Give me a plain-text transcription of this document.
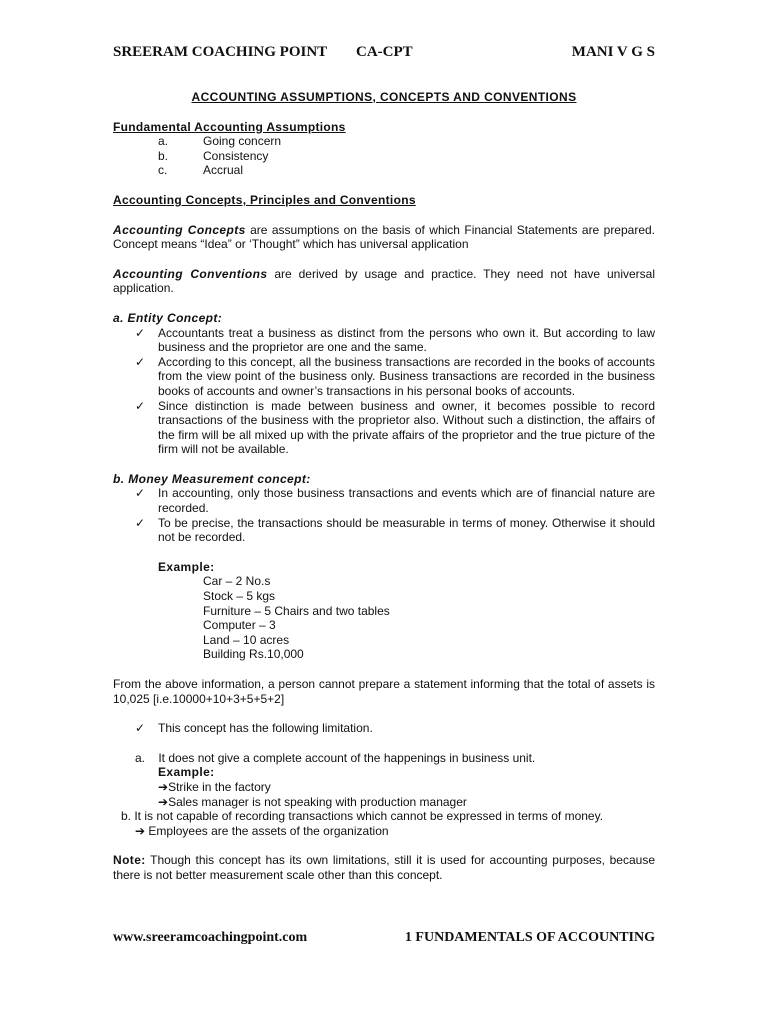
SREERAM COACHING POINT CA-CPT	MANI V G S

ACCOUNTING ASSUMPTIONS, CONCEPTS AND CONVENTIONS

Fundamental Accounting Assumptions

a.	Going concern
b.	Consistency
c.	Accrual

Accounting Concepts, Principles and Conventions

Accounting Concepts are assumptions on the basis of which Financial Statements are prepared. Concept means “Idea” or ‘Thought” which has universal application

Accounting Conventions are derived by usage and practice. They need not have universal application.

a. Entity Concept:

✓ Accountants treat a business as distinct from the persons who own it. But according to law business and the proprietor are one and the same.
✓ According to this concept, all the business transactions are recorded in the books of accounts from the view point of the business only. Business transactions are recorded in the business books of accounts and owner’s transactions in his personal books of accounts.
✓ Since distinction is made between business and owner, it becomes possible to record transactions of the business with the proprietor also. Without such a distinction, the affairs of the firm will be all mixed up with the private affairs of the proprietor and the true picture of the firm will not be available.

b. Money Measurement concept:

✓ In accounting, only those business transactions and events which are of financial nature are recorded.
✓ To be precise, the transactions should be measurable in terms of money. Otherwise it should not be recorded.

Example:

Car – 2 No.s

Stock – 5 kgs

Furniture – 5 Chairs and two tables

Computer – 3

Land – 10 acres

Building Rs.10,000

From the above information, a person cannot prepare a statement informing that the total of assets is 10,025 [i.e.10000+10+3+5+5+2]

✓ This concept has the following limitation.

a.    It does not give a complete account of the happenings in business unit.

Example:

➔Strike in the factory

➔Sales manager is not speaking with production manager

b. It is not capable of recording transactions which cannot be expressed in terms of money.

➔ Employees are the assets of the organization

Note: Though this concept has its own limitations, still it is used for accounting purposes, because there is not better measurement scale other than this concept.

www.sreeramcoachingpoint.com	1 FUNDAMENTALS OF ACCOUNTING
